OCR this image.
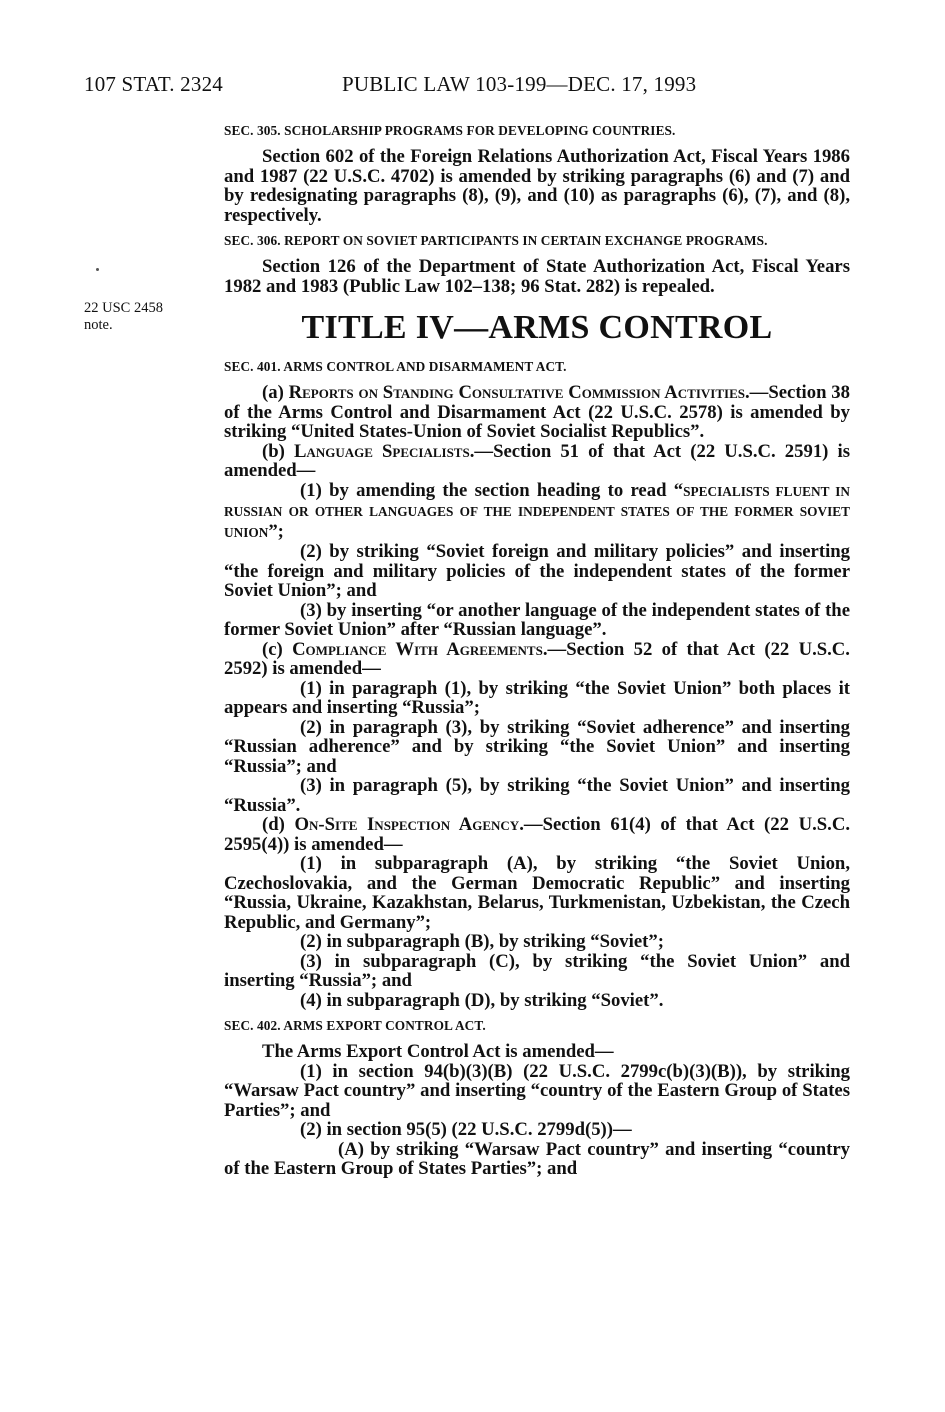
107 STAT. 2324	PUBLIC LAW 103-199—DEC. 17, 1993
22 USC 2458
note.

SEC. 305. SCHOLARSHIP PROGRAMS FOR DEVELOPING COUNTRIES.

Section 602 of the Foreign Relations Authorization Act, Fiscal Years 1986 and 1987 (22 U.S.C. 4702) is amended by striking paragraphs (6) and (7) and by redesignating paragraphs (8), (9), and (10) as paragraphs (6), (7), and (8), respectively.

SEC. 306. REPORT ON SOVIET PARTICIPANTS IN CERTAIN EXCHANGE PROGRAMS.

Section 126 of the Department of State Authorization Act, Fiscal Years 1982 and 1983 (Public Law 102–138; 96 Stat. 282) is repealed.

TITLE IV—ARMS CONTROL

SEC. 401. ARMS CONTROL AND DISARMAMENT ACT.

(a) Reports on Standing Consultative Commission Activities.—Section 38 of the Arms Control and Disarmament Act (22 U.S.C. 2578) is amended by striking “United States-Union of Soviet Socialist Republics”.

(b) Language Specialists.—Section 51 of that Act (22 U.S.C. 2591) is amended—

(1) by amending the section heading to read “SPECIALISTS FLUENT IN RUSSIAN OR OTHER LANGUAGES OF THE INDEPENDENT STATES OF THE FORMER SOVIET UNION”;

(2) by striking “Soviet foreign and military policies” and inserting “the foreign and military policies of the independent states of the former Soviet Union”; and

(3) by inserting “or another language of the independent states of the former Soviet Union” after “Russian language”.

(c) Compliance With Agreements.—Section 52 of that Act (22 U.S.C. 2592) is amended—

(1) in paragraph (1), by striking “the Soviet Union” both places it appears and inserting “Russia”;

(2) in paragraph (3), by striking “Soviet adherence” and inserting “Russian adherence” and by striking “the Soviet Union” and inserting “Russia”; and

(3) in paragraph (5), by striking “the Soviet Union” and inserting “Russia”.

(d) On-Site Inspection Agency.—Section 61(4) of that Act (22 U.S.C. 2595(4)) is amended—

(1) in subparagraph (A), by striking “the Soviet Union, Czechoslovakia, and the German Democratic Republic” and inserting “Russia, Ukraine, Kazakhstan, Belarus, Turkmenistan, Uzbekistan, the Czech Republic, and Germany”;

(2) in subparagraph (B), by striking “Soviet”;

(3) in subparagraph (C), by striking “the Soviet Union” and inserting “Russia”; and

(4) in subparagraph (D), by striking “Soviet”.

SEC. 402. ARMS EXPORT CONTROL ACT.

The Arms Export Control Act is amended—

(1) in section 94(b)(3)(B) (22 U.S.C. 2799c(b)(3)(B)), by striking “Warsaw Pact country” and inserting “country of the Eastern Group of States Parties”; and

(2) in section 95(5) (22 U.S.C. 2799d(5))—

(A) by striking “Warsaw Pact country” and inserting “country of the Eastern Group of States Parties”; and
